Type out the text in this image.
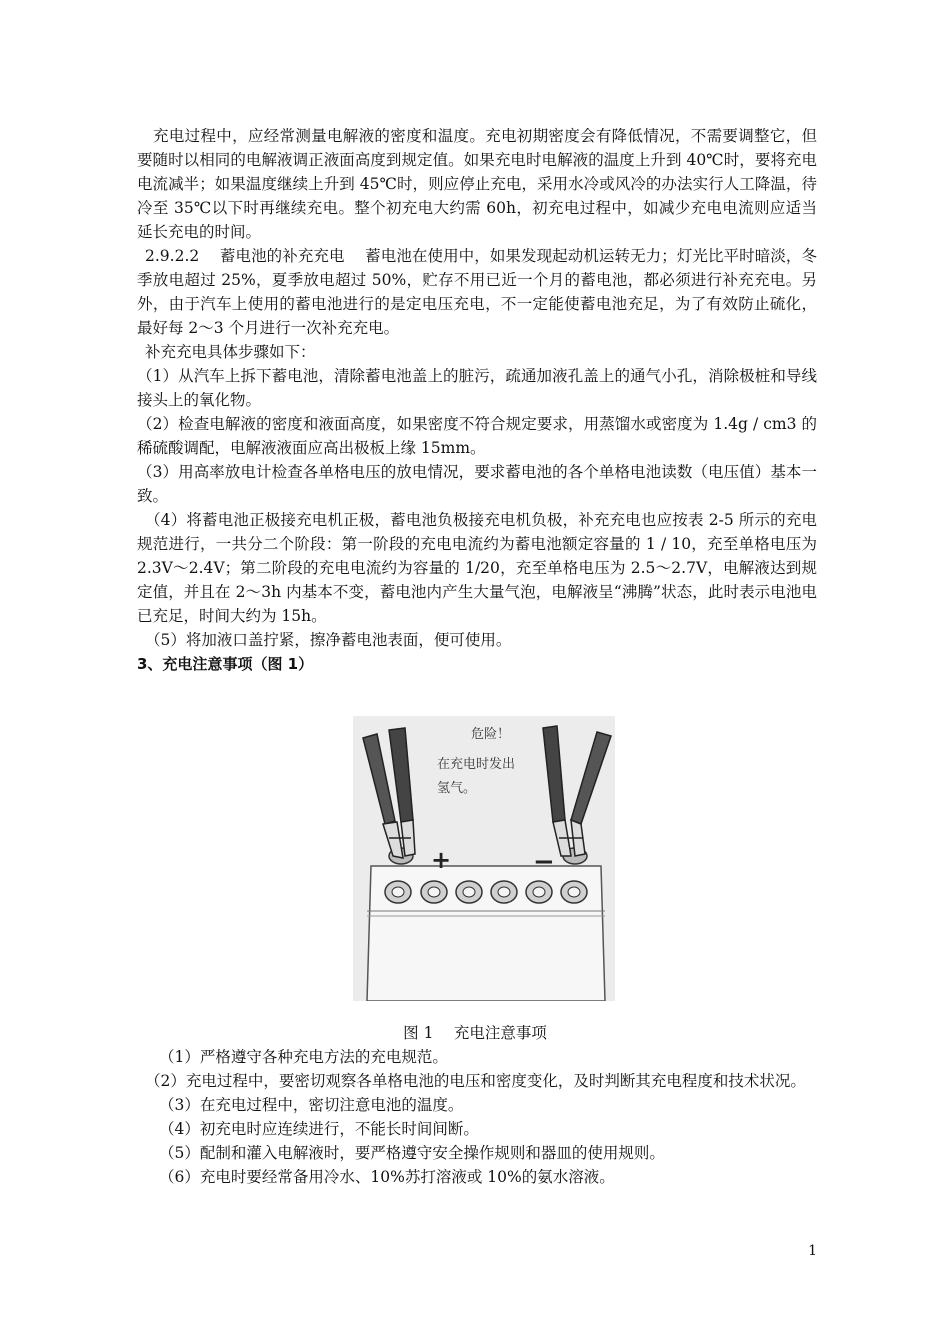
充电过程中，应经常测量电解液的密度和温度。充电初期密度会有降低情况，不需要调整它，但要随时以相同的电解液调正液面高度到规定值。如果充电时电解液的温度上升到 40℃时，要将充电电流减半；如果温度继续上升到 45℃时，则应停止充电，采用水冷或风冷的办法实行人工降温，待冷至 35℃以下时再继续充电。整个初充电大约需 60h，初充电过程中，如减少充电电流则应适当延长充电的时间。

2.9.2.2　 蓄电池的补充充电　 蓄电池在使用中，如果发现起动机运转无力；灯光比平时暗淡，冬季放电超过 25%，夏季放电超过 50%，贮存不用已近一个月的蓄电池，都必须进行补充充电。另外，由于汽车上使用的蓄电池进行的是定电压充电，不一定能使蓄电池充足，为了有效防止硫化，最好每 2～3 个月进行一次补充充电。

补充充电具体步骤如下：

（1）从汽车上拆下蓄电池，清除蓄电池盖上的脏污，疏通加液孔盖上的通气小孔，消除极桩和导线接头上的氧化物。

（2）检查电解液的密度和液面高度，如果密度不符合规定要求，用蒸馏水或密度为 1.4g / cm3 的稀硫酸调配，电解液液面应高出极板上缘 15mm。

（3）用高率放电计检查各单格电压的放电情况，要求蓄电池的各个单格电池读数（电压值）基本一致。

（4）将蓄电池正极接充电机正极，蓄电池负极接充电机负极，补充充电也应按表 2-5 所示的充电规范进行，一共分二个阶段：第一阶段的充电电流约为蓄电池额定容量的 1 / 10，充至单格电压为 2.3V～2.4V；第二阶段的充电电流约为容量的 1/20，充至单格电压为 2.5～2.7V，电解液达到规定值，并且在 2～3h 内基本不变，蓄电池内产生大量气泡，电解液呈“沸腾”状态，此时表示电池电已充足，时间大约为 15h。

（5）将加液口盖拧紧，擦净蓄电池表面，便可使用。

3、充电注意事项（图 1）

+	−
危险！
在充电时发出
氢气。
图 1　 充电注意事项

（1）严格遵守各种充电方法的充电规范。

（2）充电过程中，要密切观察各单格电池的电压和密度变化，及时判断其充电程度和技术状况。

（3）在充电过程中，密切注意电池的温度。

（4）初充电时应连续进行，不能长时间间断。

（5）配制和灌入电解液时，要严格遵守安全操作规则和器皿的使用规则。

（6）充电时要经常备用冷水、10%苏打溶液或 10%的氨水溶液。

1
